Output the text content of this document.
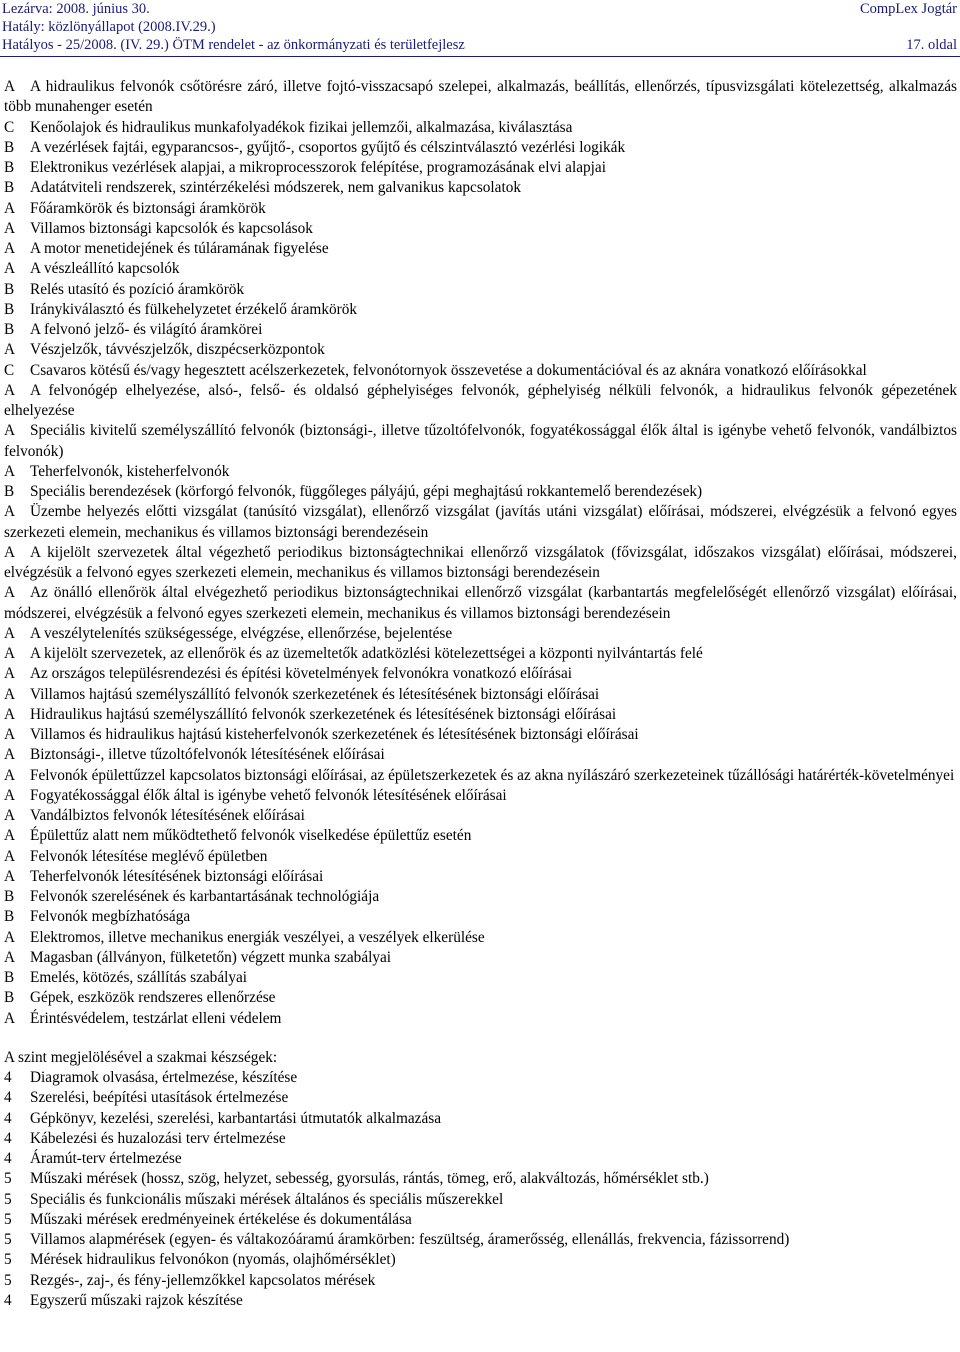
Lezárva: 2008. június 30.
Hatály: közlönyállapot (2008.IV.29.)
Hatályos - 25/2008. (IV. 29.) ÖTM rendelet - az önkormányzati és területfejlesz
CompLex Jogtár
17. oldal
A A hidraulikus felvonók csőtörésre záró, illetve fojtó-visszacsapó szelepei, alkalmazás, beállítás, ellenőrzés, típusvizsgálati kötelezettség, alkalmazás több munahenger esetén
C Kenőolajok és hidraulikus munkafolyadékok fizikai jellemzői, alkalmazása, kiválasztása
B A vezérlések fajtái, egyparancsos-, gyűjtő-, csoportos gyűjtő és célszintválasztó vezérlési logikák
B Elektronikus vezérlések alapjai, a mikroprocesszorok felépítése, programozásának elvi alapjai
B Adatátviteli rendszerek, szintérzékelési módszerek, nem galvanikus kapcsolatok
A Főáramkörök és biztonsági áramkörök
A Villamos biztonsági kapcsolók és kapcsolások
A A motor menetidejének és túláramának figyelése
A A vészleállító kapcsolók
B Relés utasító és pozíció áramkörök
B Iránykiválasztó és fülkehelyzetet érzékelő áramkörök
B A felvonó jelző- és világító áramkörei
A Vészjelzők, távvészjelzők, diszpécserközpontok
C Csavaros kötésű és/vagy hegesztett acélszerkezetek, felvonótornyok összevetése a dokumentációval és az aknára vonatkozó előírásokkal
A A felvonógép elhelyezése, alsó-, felső- és oldalsó géphelyiséges felvonók, géphelyiség nélküli felvonók, a hidraulikus felvonók gépezetének elhelyezése
A Speciális kivitelű személyszállító felvonók (biztonsági-, illetve tűzoltófelvonók, fogyatékossággal élők által is igénybe vehető felvonók, vandálbiztos felvonók)
A Teherfelvonók, kisteherfelvonók
B Speciális berendezések (körforgó felvonók, függőleges pályájú, gépi meghajtású rokkantemelő berendezések)
A Üzembe helyezés előtti vizsgálat (tanúsító vizsgálat), ellenőrző vizsgálat (javítás utáni vizsgálat) előírásai, módszerei, elvégzésük a felvonó egyes szerkezeti elemein, mechanikus és villamos biztonsági berendezésein
A A kijelölt szervezetek által végezhető periodikus biztonságtechnikai ellenőrző vizsgálatok (fővizsgálat, időszakos vizsgálat) előírásai, módszerei, elvégzésük a felvonó egyes szerkezeti elemein, mechanikus és villamos biztonsági berendezésein
A Az önálló ellenőrök által elvégezhető periodikus biztonságtechnikai ellenőrző vizsgálat (karbantartás megfelelőségét ellenőrző vizsgálat) előírásai, módszerei, elvégzésük a felvonó egyes szerkezeti elemein, mechanikus és villamos biztonsági berendezésein
A A veszélytelenítés szükségessége, elvégzése, ellenőrzése, bejelentése
A A kijelölt szervezetek, az ellenőrök és az üzemeltetők adatközlési kötelezettségei a központi nyilvántartás felé
A Az országos településrendezési és építési követelmények felvonókra vonatkozó előírásai
A Villamos hajtású személyszállító felvonók szerkezetének és létesítésének biztonsági előírásai
A Hidraulikus hajtású személyszállító felvonók szerkezetének és létesítésének biztonsági előírásai
A Villamos és hidraulikus hajtású kisteherfelvonók szerkezetének és létesítésének biztonsági előírásai
A Biztonsági-, illetve tűzoltófelvonók létesítésének előírásai
A Felvonók épülettűzzel kapcsolatos biztonsági előírásai, az épületszerkezetek és az akna nyílászáró szerkezeteinek tűzállósági határérték-követelményei
A Fogyatékossággal élők által is igénybe vehető felvonók létesítésének előírásai
A Vandálbiztos felvonók létesítésének előírásai
A Épülettűz alatt nem működtethető felvonók viselkedése épülettűz esetén
A Felvonók létesítése meglévő épületben
A Teherfelvonók létesítésének biztonsági előírásai
B Felvonók szerelésének és karbantartásának technológiája
B Felvonók megbízhatósága
A Elektromos, illetve mechanikus energiák veszélyei, a veszélyek elkerülése
A Magasban (állványon, fülketetőn) végzett munka szabályai
B Emelés, kötözés, szállítás szabályai
B Gépek, eszközök rendszeres ellenőrzése
A Érintésvédelem, testzárlat elleni védelem
A szint megjelölésével a szakmai készségek:
4 Diagramok olvasása, értelmezése, készítése
4 Szerelési, beépítési utasítások értelmezése
4 Gépkönyv, kezelési, szerelési, karbantartási útmutatók alkalmazása
4 Kábelezési és huzalozási terv értelmezése
4 Áramút-terv értelmezése
5 Műszaki mérések (hossz, szög, helyzet, sebesség, gyorsulás, rántás, tömeg, erő, alakváltozás, hőmérséklet stb.)
5 Speciális és funkcionális műszaki mérések általános és speciális műszerekkel
5 Műszaki mérések eredményeinek értékelése és dokumentálása
5 Villamos alapmérések (egyen- és váltakozóáramú áramkörben: feszültség, áramerősség, ellenállás, frekvencia, fázissorrend)
5 Mérések hidraulikus felvonókon (nyomás, olajhőmérséklet)
5 Rezgés-, zaj-, és fény-jellemzőkkel kapcsolatos mérések
4 Egyszerű műszaki rajzok készítése
